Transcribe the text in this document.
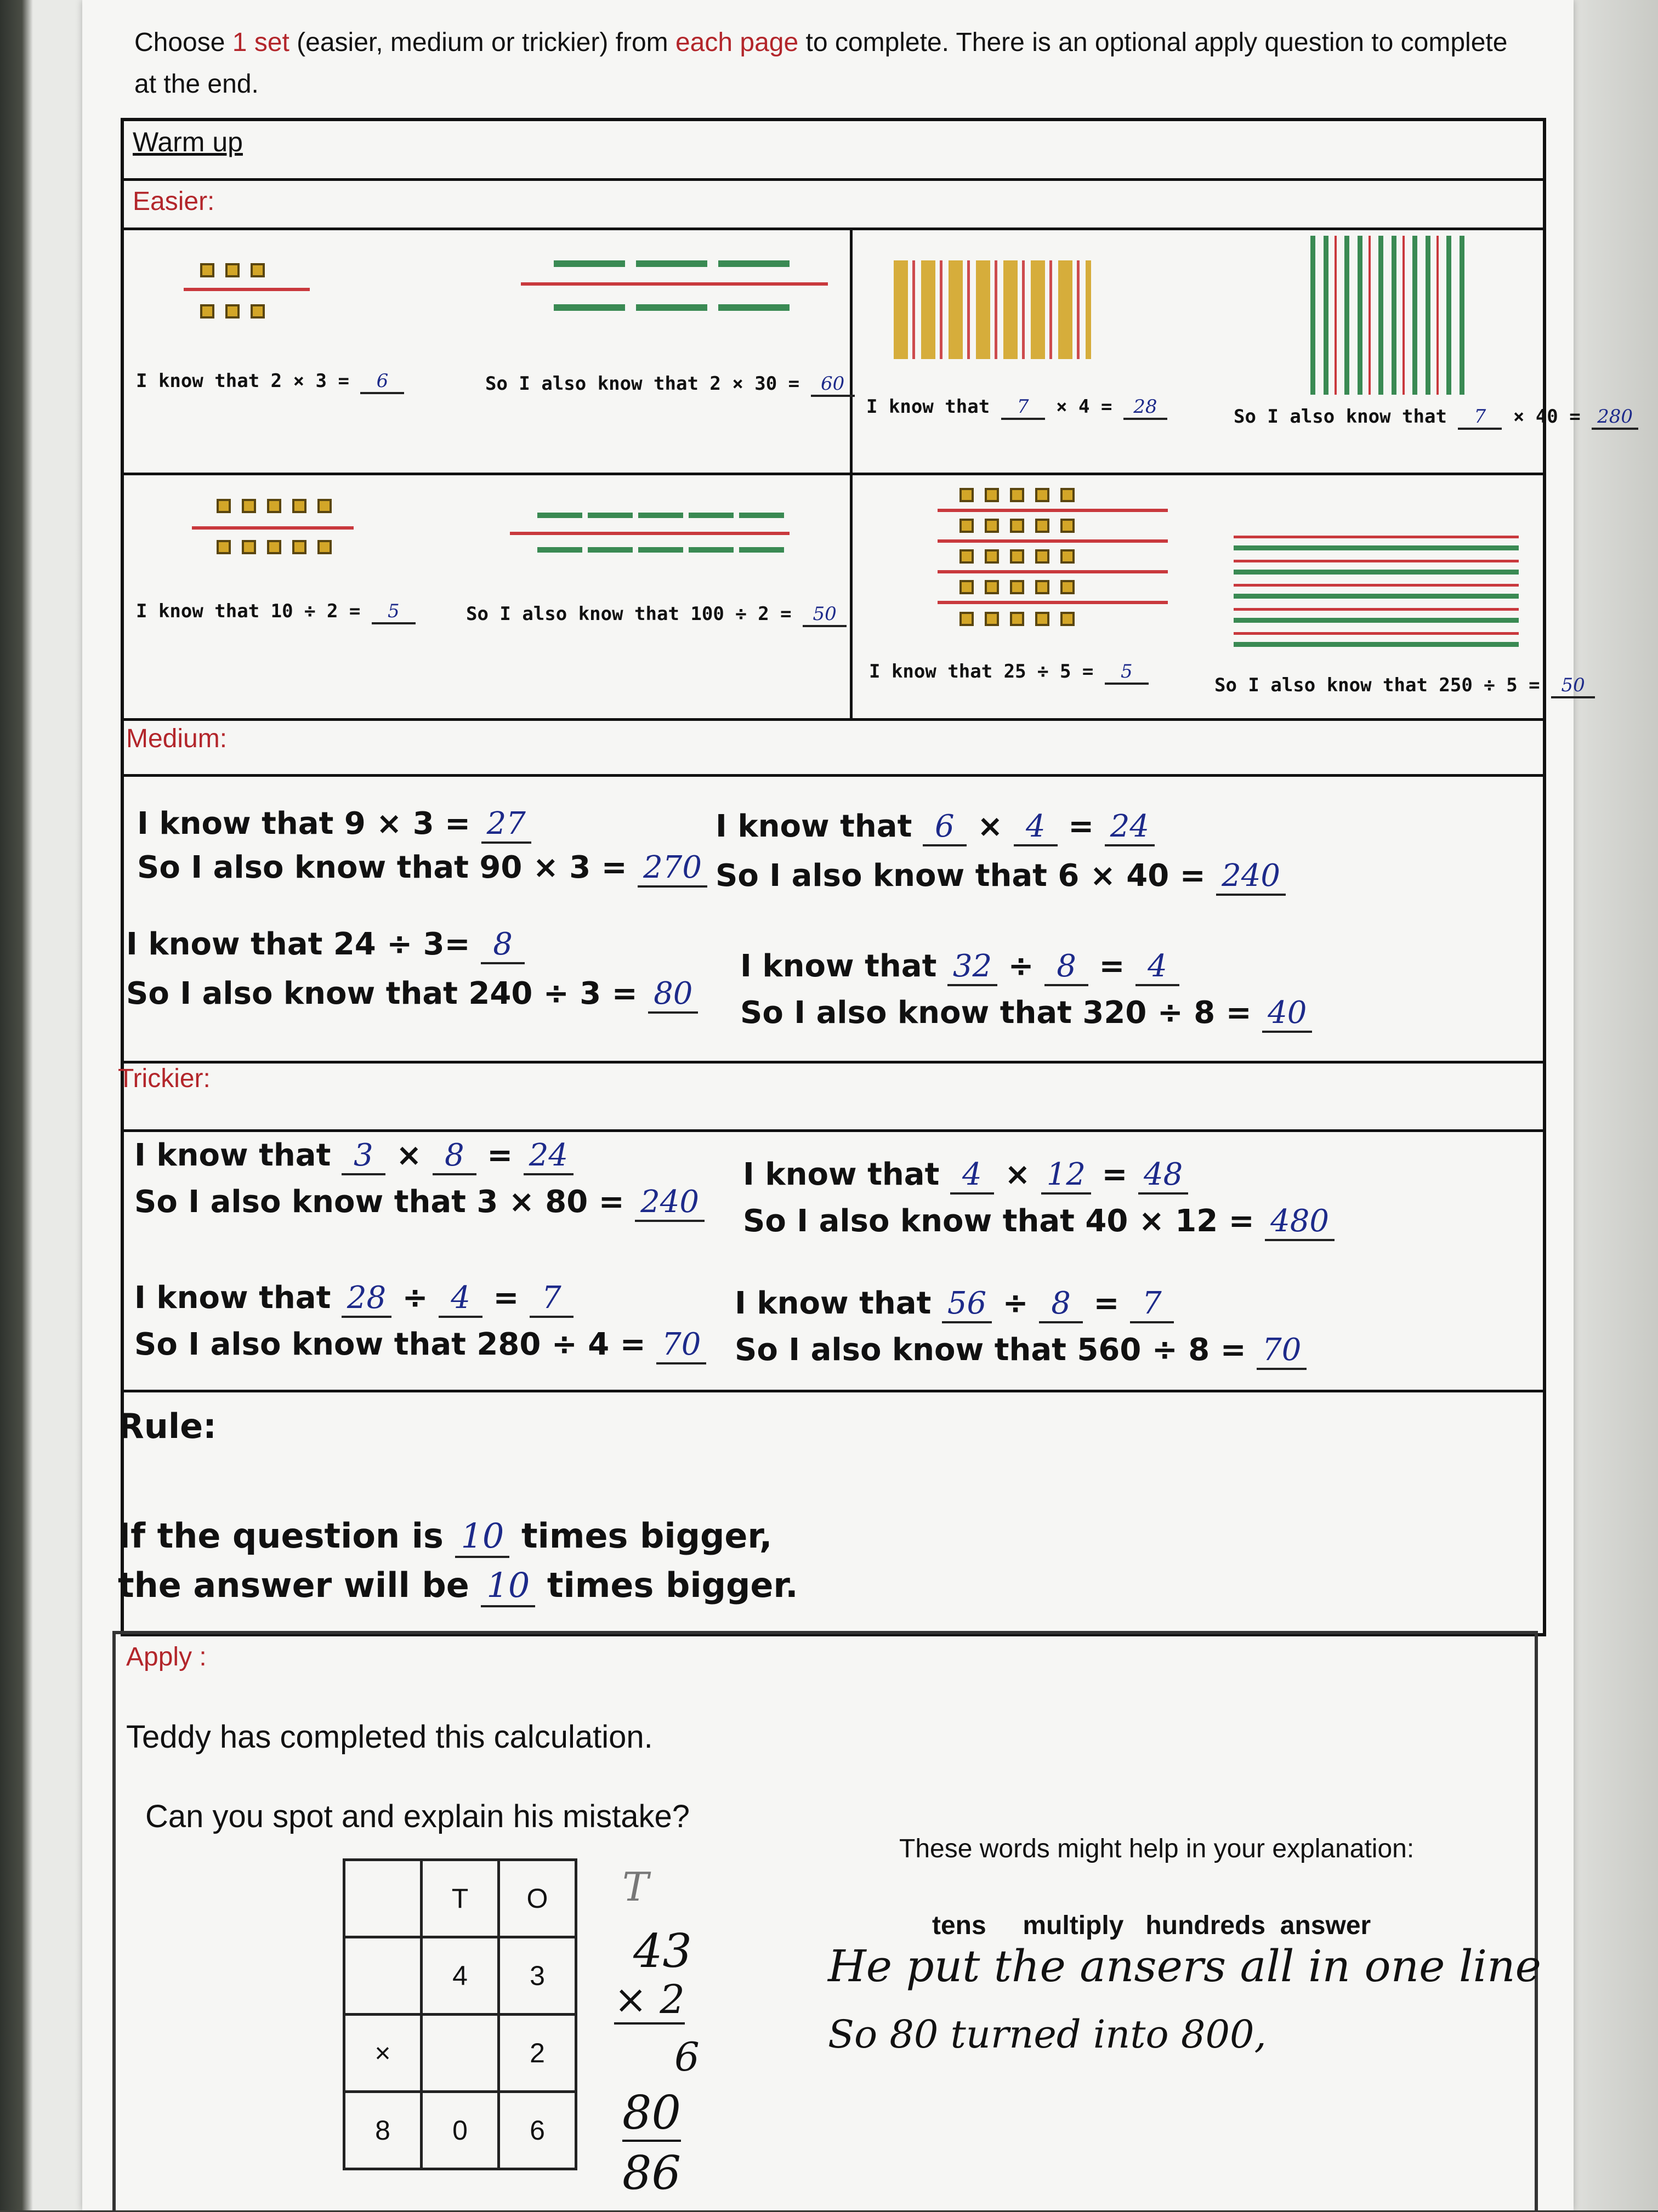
Choose 1 set (easier, medium or trickier) from each page to complete. There is an optional apply question to complete at the end.
Warm up
Easier:
I know that 2 × 3 = 6	So I also know that 2 × 30 = 60
I know that 7 × 4 = 28	So I also know that 7 × 40 = 280
I know that 10 ÷ 2 = 5	So I also know that 100 ÷ 2 = 50
I know that 25 ÷ 5 = 5
So I also know that 250 ÷ 5 = 50
Medium:
I know that 9 × 3 = 27
So I also know that 90 × 3 = 270
I know that 6 × 4 = 24
So I also know that 6 × 40 = 240
I know that 24 ÷ 3= 8
So I also know that 240 ÷ 3 = 80
I know that 32 ÷ 8 = 4
So I also know that 320 ÷ 8 = 40
Trickier:
I know that 3 × 8 = 24
So I also know that 3 × 80 = 240
I know that 4 × 12 = 48
So I also know that 40 × 12 = 480
I know that 28 ÷ 4 = 7
So I also know that 280 ÷ 4 = 70
I know that 56 ÷ 8 = 7
So I also know that 560 ÷ 8 = 70
Rule:
If the question is 10 times bigger,
the answer will be 10 times bigger.
Apply :
Teddy has completed this calculation.
Can you spot and explain his mistake?
These words might help in your explanation:
tens multiply hundreds answer
	T	O
	4	3
×		2
8	0	6
T
43
× 2
6
80
86
He put the ansers all in one line
So 80 turned into 800,
